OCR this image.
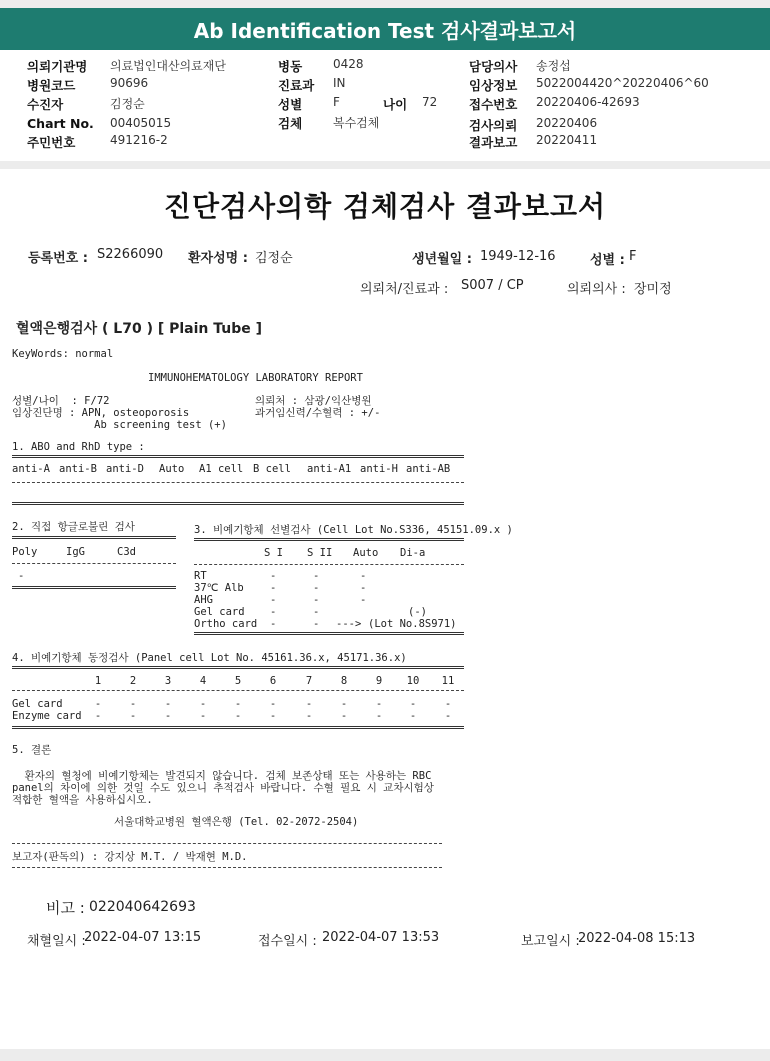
Ab Identification Test 검사결과보고서
의뢰기관명 의료법인대산의료재단
병원코드	90696
수진자	김정순
Chart No. 00405015
주민번호	491216-2
병동	0428
진료과 IN
성별	F	나이 72
검체	복수검체
담당의사 송정섭
임상정보 5022004420^20220406^60
접수번호 20220406-42693
검사의뢰 20220406
결과보고 20220411
진단검사의학 검체검사 결과보고서
등록번호 : S2266090 환자성명 : 김정순	생년월일 : 1949-12-16	성별 : F
의뢰처/진료과 : S007 / CP	의뢰의사 : 장미정
혈액은행검사 ( L70 ) [ Plain Tube ]
KeyWords: normal
IMMUNOHEMATOLOGY LABORATORY REPORT
성별/나이  : F/72
임상진단명 : APN, osteoporosis
Ab screening test (+)
의뢰처 : 삼광/익산병원
과거임신력/수혈력 : +/-
1. ABO and RhD type :
anti-A anti-B anti-D Auto A1 cell B cell anti-A1 anti-H anti-AB
2. 직접 항글로불린 검사
Poly	IgG	C3d
-
3. 비예기항체 선별검사 (Cell Lot No.S336, 45151.09.x )
S I S II Auto Di-a
RT	-	-	-
37℃ Alb	-	-	-
AHG	-	-	-
Gel card -	-	(-)
Ortho card -	- ---> (Lot No.8S971)
4. 비예기항체 동정검사 (Panel cell Lot No. 45161.36.x, 45171.36.x)
1	2	3	4	5	6	7	8	9	10	11
Gel card	-	-	-	-	-	-	-	-	-	-	-
Enzyme card	-	-	-	-	-	-	-	-	-	-	-
5. 결론
환자의 혈청에 비예기항체는 발견되지 않습니다. 검체 보존상태 또는 사용하는 RBC
panel의 차이에 의한 것일 수도 있으니 추적검사 바랍니다. 수혈 필요 시 교차시험상
적합한 혈액을 사용하십시오.
서울대학교병원 혈액은행 (Tel. 02-2072-2504)
보고자(판독의) : 강지상 M.T. / 박재현 M.D.
비고 : 022040642693
채혈일시 :
2022-04-07 13:15	접수일시 : 2022-04-07 13:53	보고일시 :
2022-04-08 15:13
